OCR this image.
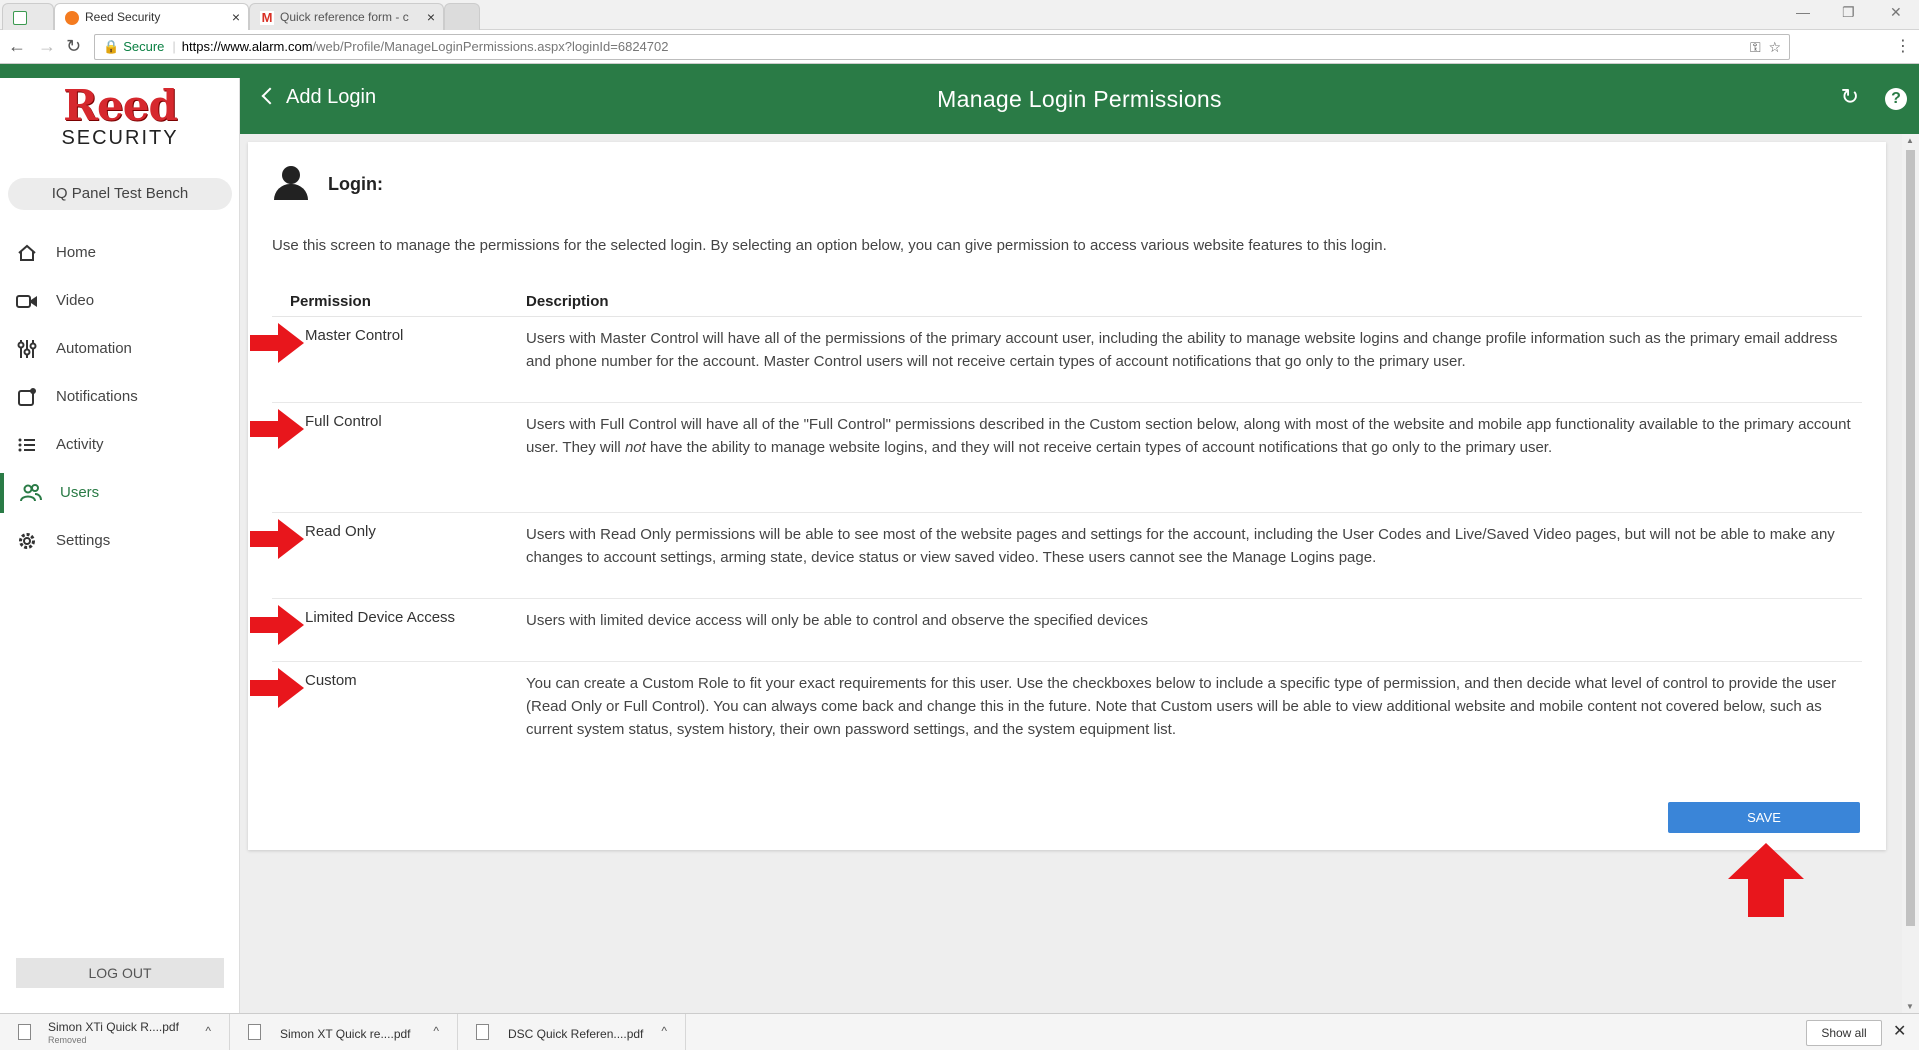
Reed Security	× M Quick reference form - c ×	— ❐	✕
← → ↻	🔒 Secure | https://www.alarm.com/web/Profile/ManageLoginPermissions.aspx?loginId=6824702	⚿ ☆	⋮
Reed
SECURITY
IQ Panel Test Bench
Home
Video
Automation
Notifications
Activity
Users
Settings
LOG OUT
Add Login	Manage Login Permissions	↻	?
Login:
Use this screen to manage the permissions for the selected login. By selecting an option below, you can give permission to access various website features to this login.
Permission	Description
Master Control	Users with Master Control will have all of the permissions of the primary account user, including the ability to manage website logins and change profile information such as the primary email address and phone number for the account. Master Control users will not receive certain types of account notifications that go only to the primary user.
Full Control	Users with Full Control will have all of the "Full Control" permissions described in the Custom section below, along with most of the website and mobile app functionality available to the primary account user. They will not have the ability to manage website logins, and they will not receive certain types of account notifications that go only to the primary user.
Read Only	Users with Read Only permissions will be able to see most of the website pages and settings for the account, including the User Codes and Live/Saved Video pages, but will not be able to make any changes to account settings, arming state, device status or view saved video. These users cannot see the Manage Logins page.
Limited Device Access	Users with limited device access will only be able to control and observe the specified devices
Custom	You can create a Custom Role to fit your exact requirements for this user. Use the checkboxes below to include a specific type of permission, and then decide what level of control to provide the user (Read Only or Full Control). You can always come back and change this in the future. Note that Custom users will be able to view additional website and mobile content not covered below, such as current system status, system history, their own password settings, and the system equipment list.
SAVE
▲
▼
Simon XTi Quick R....pdf
Removed
^	Simon XT Quick re....pdf ^	DSC Quick Referen....pdf ^	Show all	✕
